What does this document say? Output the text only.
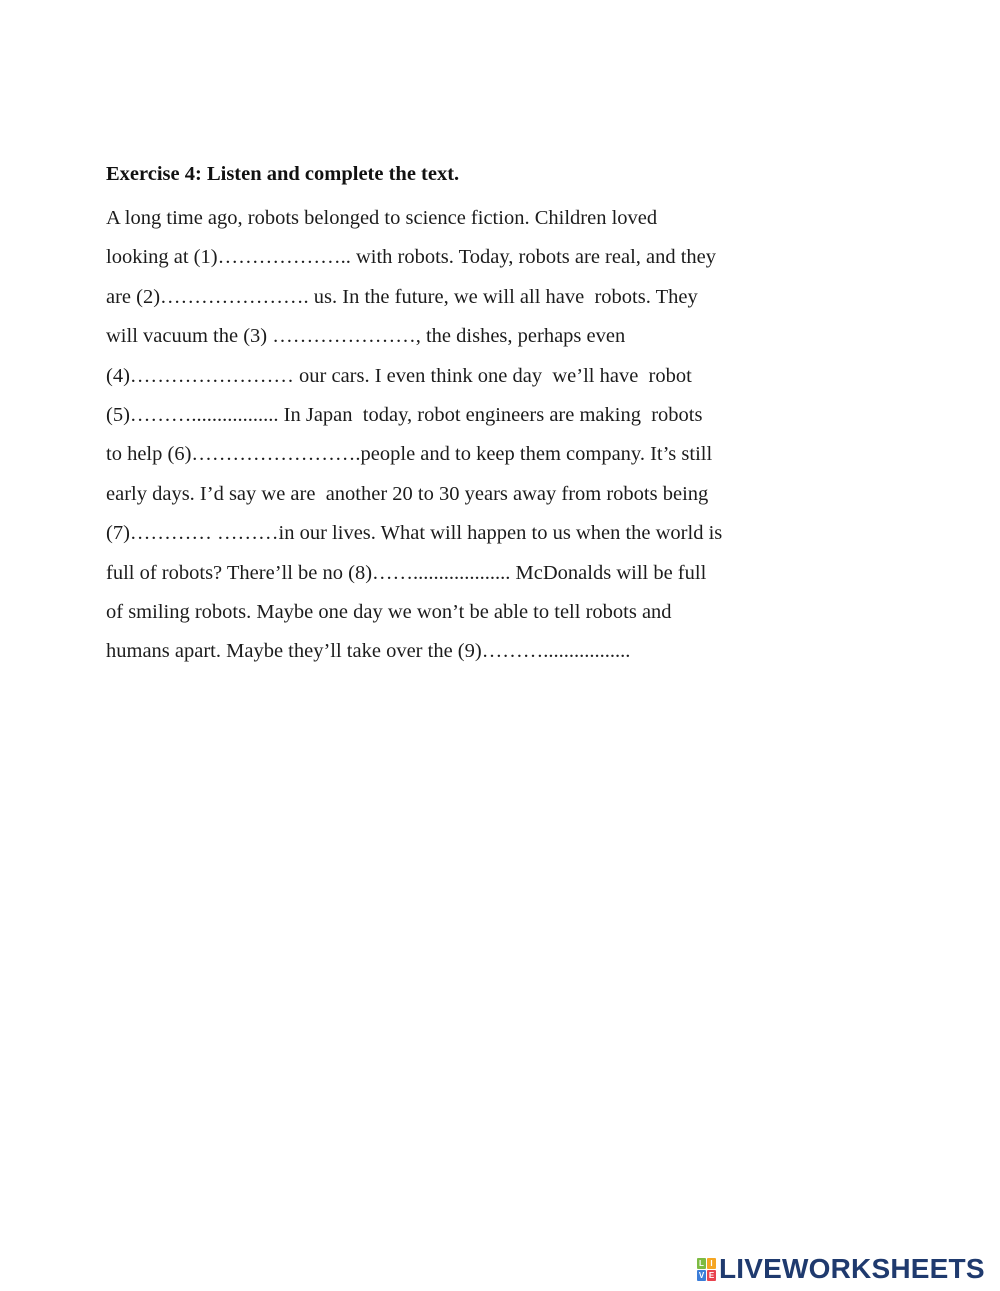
Exercise 4: Listen and complete the text.
A long time ago, robots belonged to science fiction. Children loved
looking at (1)……………….. with robots. Today, robots are real, and they
are (2)…………………. us. In the future, we will all have  robots. They
will vacuum the (3) …………………, the dishes, perhaps even
(4)…………………… our cars. I even think one day  we’ll have  robot
(5)………................. In Japan  today, robot engineers are making  robots
to help (6)…………………….people and to keep them company. It’s still
early days. I’d say we are  another 20 to 30 years away from robots being
(7)………… ………in our lives. What will happen to us when the world is
full of robots? There’ll be no (8)……................... McDonalds will be full
of smiling robots. Maybe one day we won’t be able to tell robots and
humans apart. Maybe they’ll take over the (9)……….................
L I
V E LIVEWORKSHEETS
